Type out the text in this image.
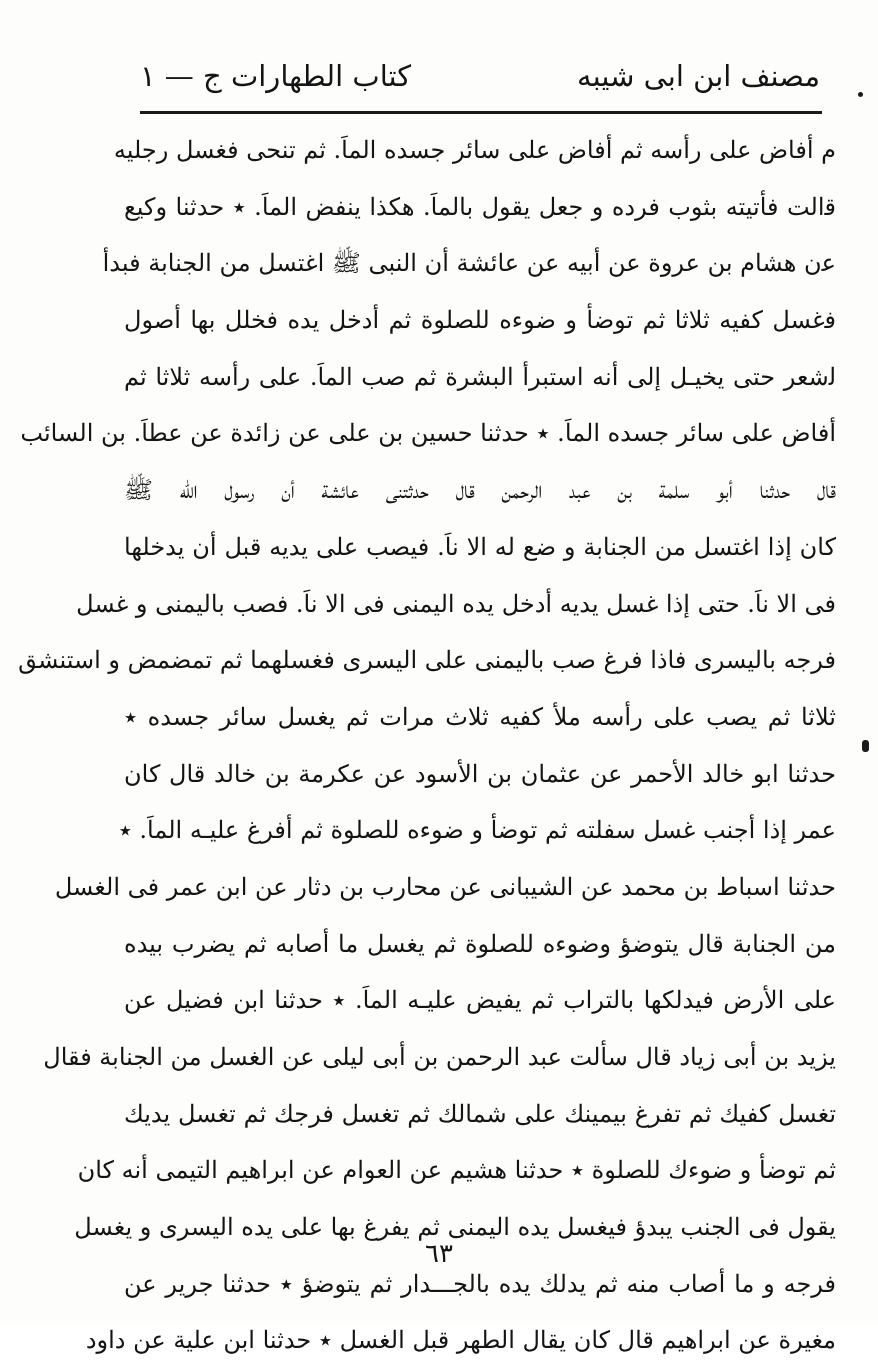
مصنف ابن ابى شيبه
كتاب الطهارات ج — ١
ﻡ أفاض على رأسه ثم أفاض على سائر جسده الماَ. ثم تنحى فغسل رجليه
ﻗالت فأتيته بثوب فرده و جعل يقول بالماَ. هكذا ينفض الماَ. ٭ حدثنا وكيع
ﻋن هشام بن عروة عن أبيه عن عائشة أن النبى ﷺ اغتسل من الجنابة فبدأ
ﻓغسل كفيه ثلاثا ثم توضأ و ضوءه للصلوة ثم أدخل يده فخلل بها أصول
ﻟشعر حتى يخيـل إلى أنه استبرأ البشرة ثم صب الماَ. على رأسه ثلاثا ثم
أفاض على سائر جسده الماَ. ٭ حدثنا حسين بن على عن زائدة عن عطاَ. بن السائب
قال حدثنا أبو سلمة بن عبد الرحمن قال حدثتنى عائشة أن رسول الله ﷺ
كان إذا اغتسل من الجنابة و ضع له الا ناَ. فيصب على يديه قبل أن يدخلها
فى الا ناَ. حتى إذا غسل يديه أدخل يده اليمنى فى الا ناَ. فصب باليمنى و غسل
فرجه باليسرى فاذا فرغ صب باليمنى على اليسرى فغسلهما ثم تمضمض و استنشق
ثلاثا ثم يصب على رأسه ملأ كفيه ثلاث مرات ثم يغسل سائر جسده ٭
حدثنا ابو خالد الأحمر عن عثمان بن الأسود عن عكرمة بن خالد قال كان
عمر إذا أجنب غسل سفلته ثم توضأ و ضوءه للصلوة ثم أفرغ عليـه الماَ. ٭
حدثنا اسباط بن محمد عن الشيبانى عن محارب بن دثار عن ابن عمر فى الغسل
من الجنابة قال يتوضؤ وضوءه للصلوة ثم يغسل ما أصابه ثم يضرب بيده
على الأرض فيدلكها بالتراب ثم يفيض عليـه الماَ. ٭ حدثنا ابن فضيل عن
يزيد بن أبى زياد قال سألت عبد الرحمن بن أبى ليلى عن الغسل من الجنابة فقال
تغسل كفيك ثم تفرغ بيمينك على شمالك ثم تغسل فرجك ثم تغسل يديك
ثم توضأ و ضوءك للصلوة ٭ حدثنا هشيم عن العوام عن ابراهيم التيمى أنه كان
يقول فى الجنب يبدؤ فيغسل يده اليمنى ثم يفرغ بها على يده اليسرى و يغسل
فرجه و ما أصاب منه ثم يدلك يده بالجـــدار ثم يتوضؤ ٭ حدثنا جرير عن
مغيرة عن ابراهيم قال كان يقال الطهر قبل الغسل ٭ حدثنا ابن علية عن داود
٦٣
